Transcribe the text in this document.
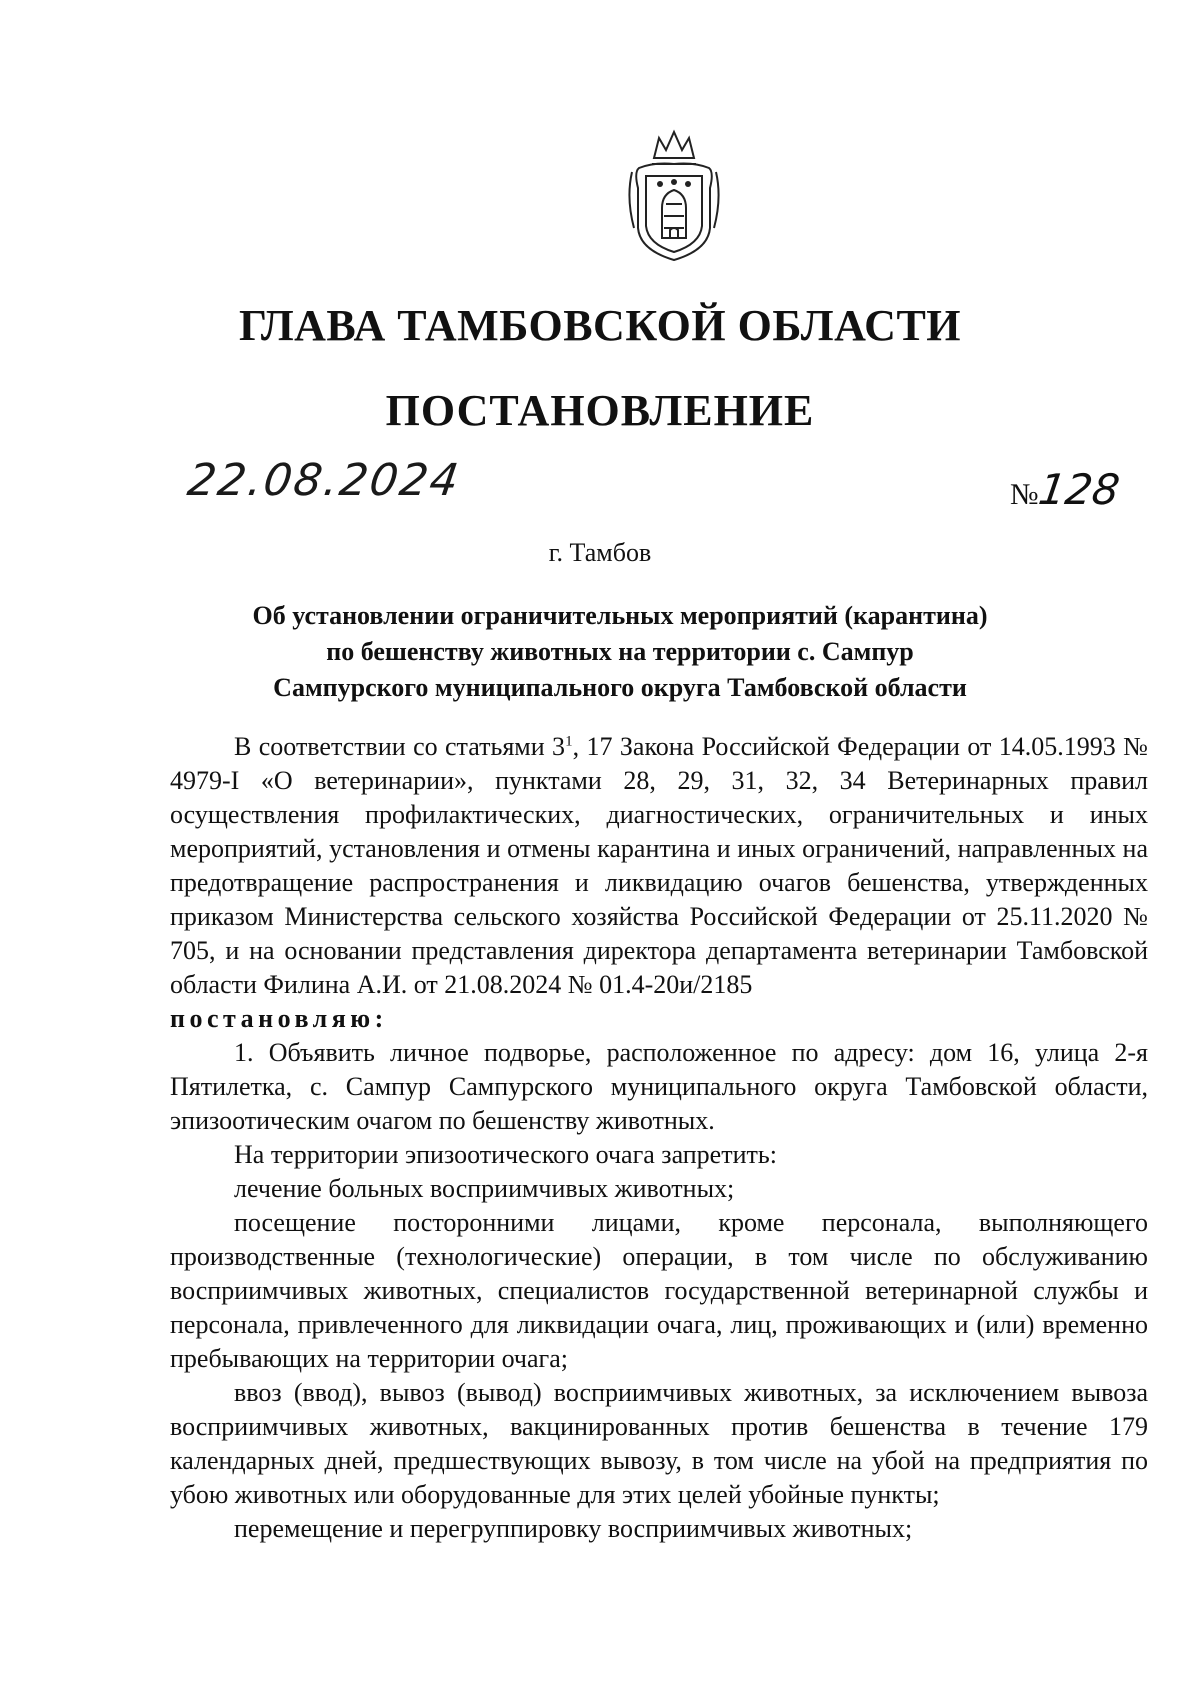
ГЛАВА ТАМБОВСКОЙ ОБЛАСТИ
ПОСТАНОВЛЕНИЕ
22.08.2024	№128
г. Тамбов
Об установлении ограничительных мероприятий (карантина)
по бешенству животных на территории с. Сампур
Сампурского муниципального округа Тамбовской области

В соответствии со статьями $3^1$, 17 Закона Российской Федерации от 14.05.1993 № 4979-I «О ветеринарии», пунктами 28, 29, 31, 32, 34 Ветеринарных правил осуществления профилактических, диагностических, ограничительных и иных мероприятий, установления и отмены карантина и иных ограничений, направленных на предотвращение распространения и ликвидацию очагов бешенства, утвержденных приказом Министерства сельского хозяйства Российской Федерации от 25.11.2020 № 705, и на основании представления директора департамента ветеринарии Тамбовской области Филина А.И. от 21.08.2024 № 01.4-20и/2185

постановляю:

1. Объявить личное подворье, расположенное по адресу: дом 16, улица 2-я Пятилетка, с. Сампур Сампурского муниципального округа Тамбовской области, эпизоотическим очагом по бешенству животных.

На территории эпизоотического очага запретить:

лечение больных восприимчивых животных;

посещение посторонними лицами, кроме персонала, выполняющего производственные (технологические) операции, в том числе по обслуживанию восприимчивых животных, специалистов государственной ветеринарной службы и персонала, привлеченного для ликвидации очага, лиц, проживающих и (или) временно пребывающих на территории очага;

ввоз (ввод), вывоз (вывод) восприимчивых животных, за исключением вывоза восприимчивых животных, вакцинированных против бешенства в течение 179 календарных дней, предшествующих вывозу, в том числе на убой на предприятия по убою животных или оборудованные для этих целей убойные пункты;

перемещение и перегруппировку восприимчивых животных;
